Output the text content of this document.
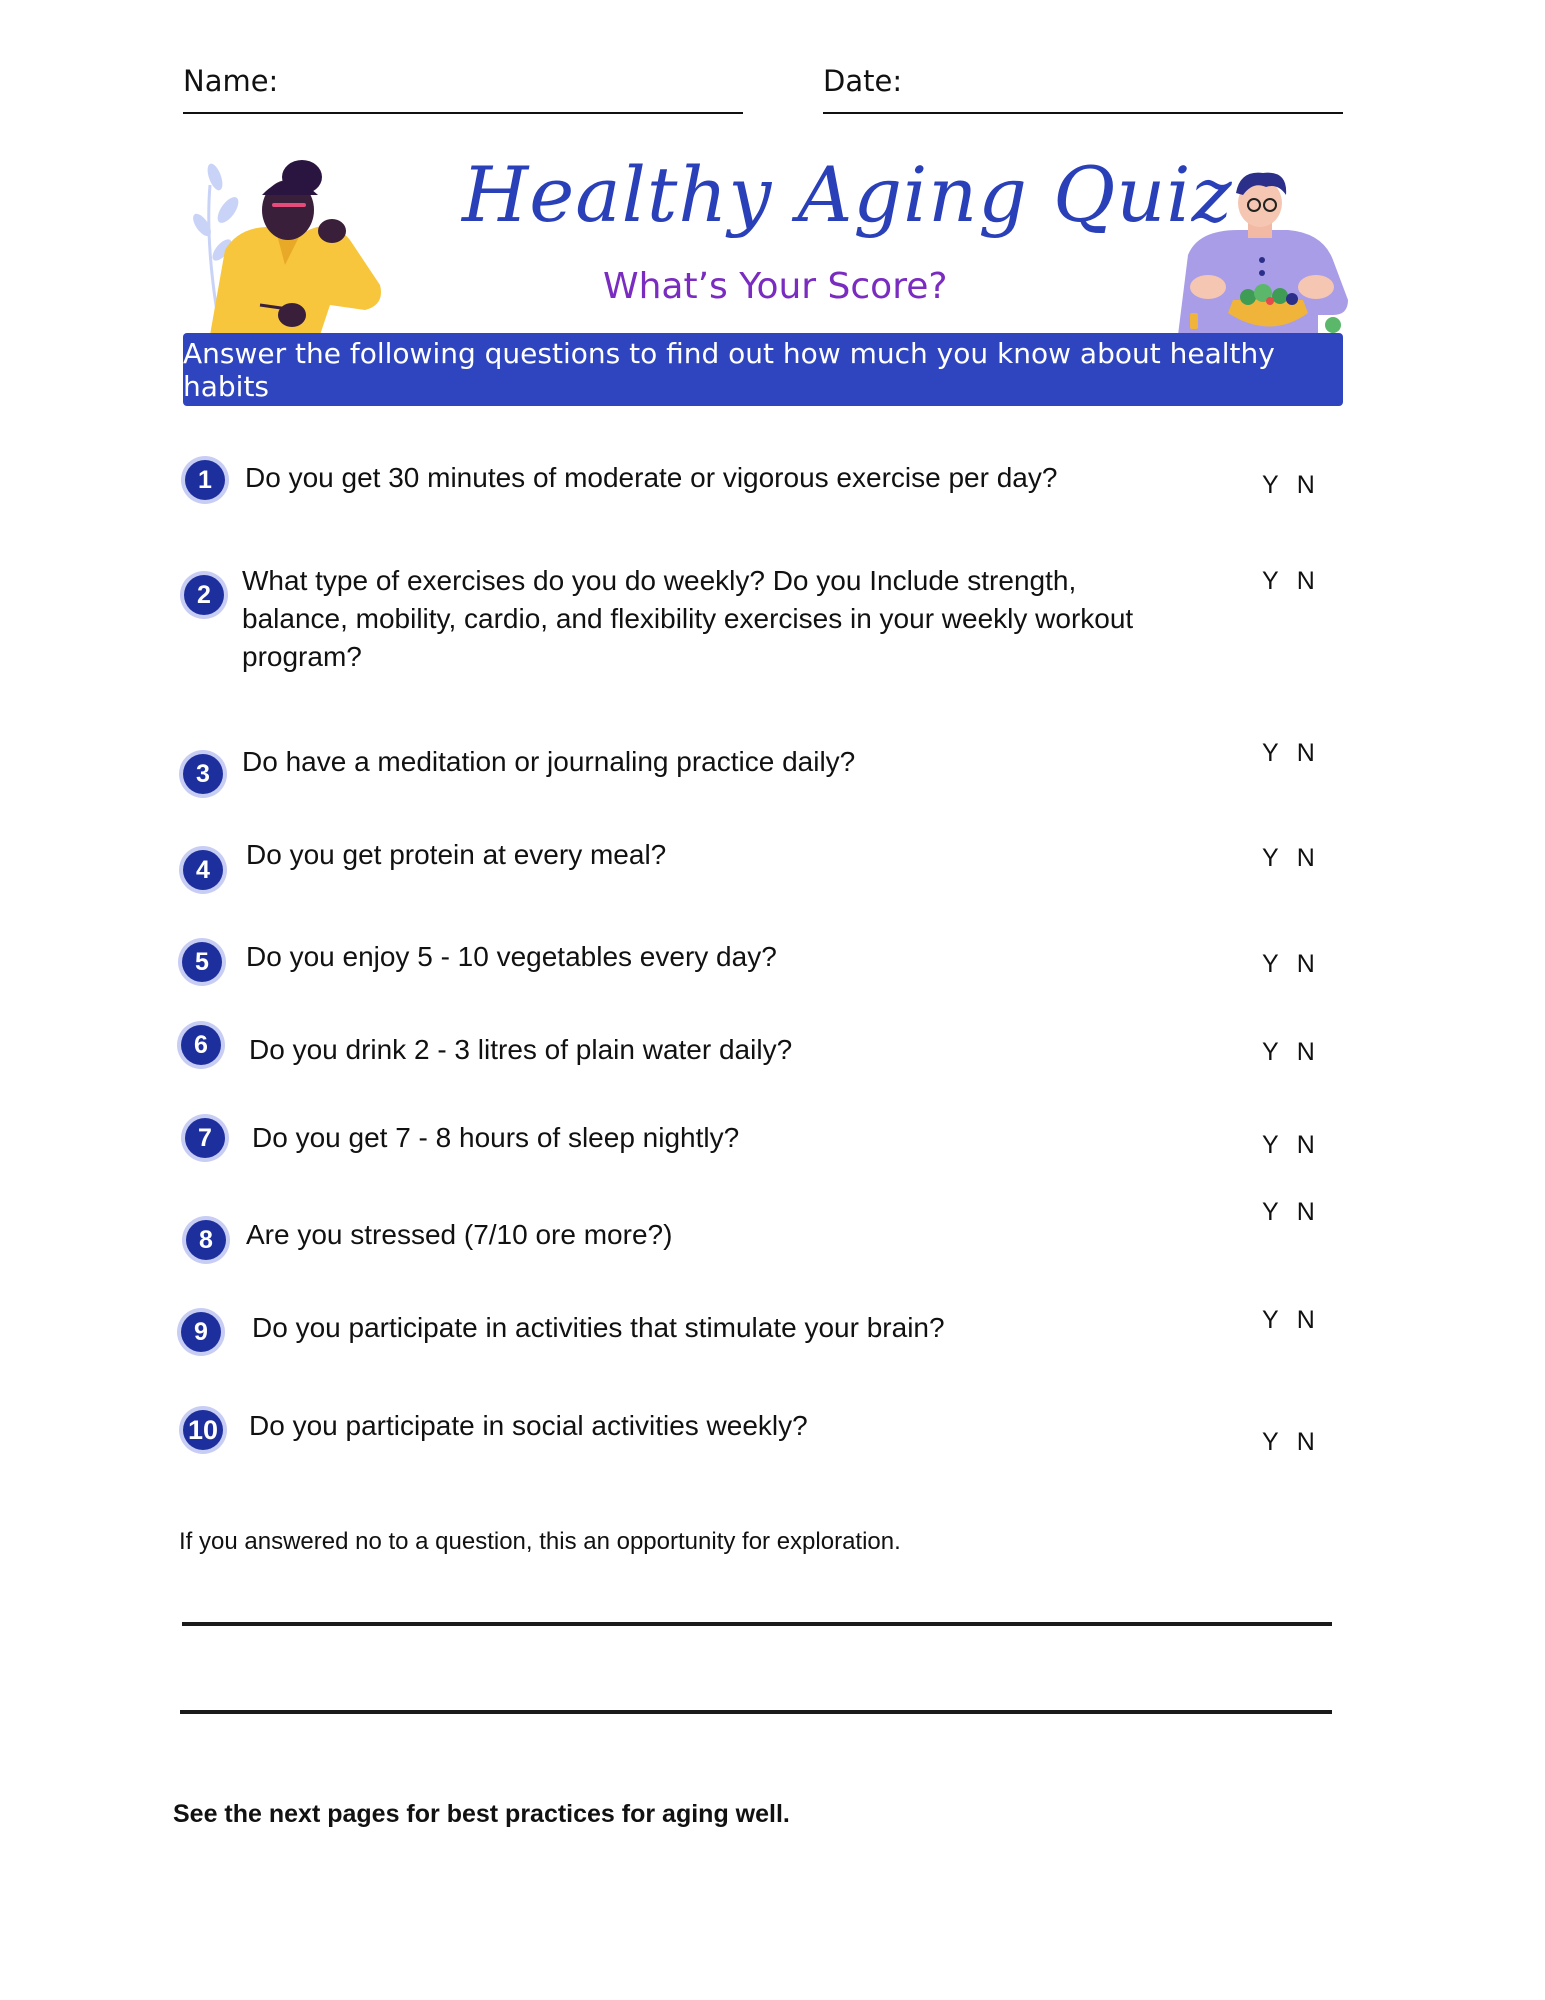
Name:	Date:
Healthy Aging Quiz
What’s Your Score?
Answer the following questions to find out how much you know about healthy habits
1	Do you get 30 minutes of moderate or vigorous exercise per day?	Y N
2	What type of exercises do you do weekly? Do you Include strength, balance, mobility, cardio, and flexibility exercises in your weekly workout program?
Y N
3	Do have a meditation or journaling practice daily?	Y N
4	Do you get protein at every meal?	Y N
5	Do you enjoy 5 - 10 vegetables every day?	Y N
6	Do you drink 2 - 3 litres of plain water daily?	Y N
7	Do you get 7 - 8 hours of sleep nightly?	Y N
8	Are you stressed (7/10 ore more?)
Y N
9	Do you participate in activities that stimulate your brain?	Y N
10 Do you participate in social activities weekly?
Y N
If you answered no to a question, this an opportunity for exploration.
See the next pages for best practices for aging well.
